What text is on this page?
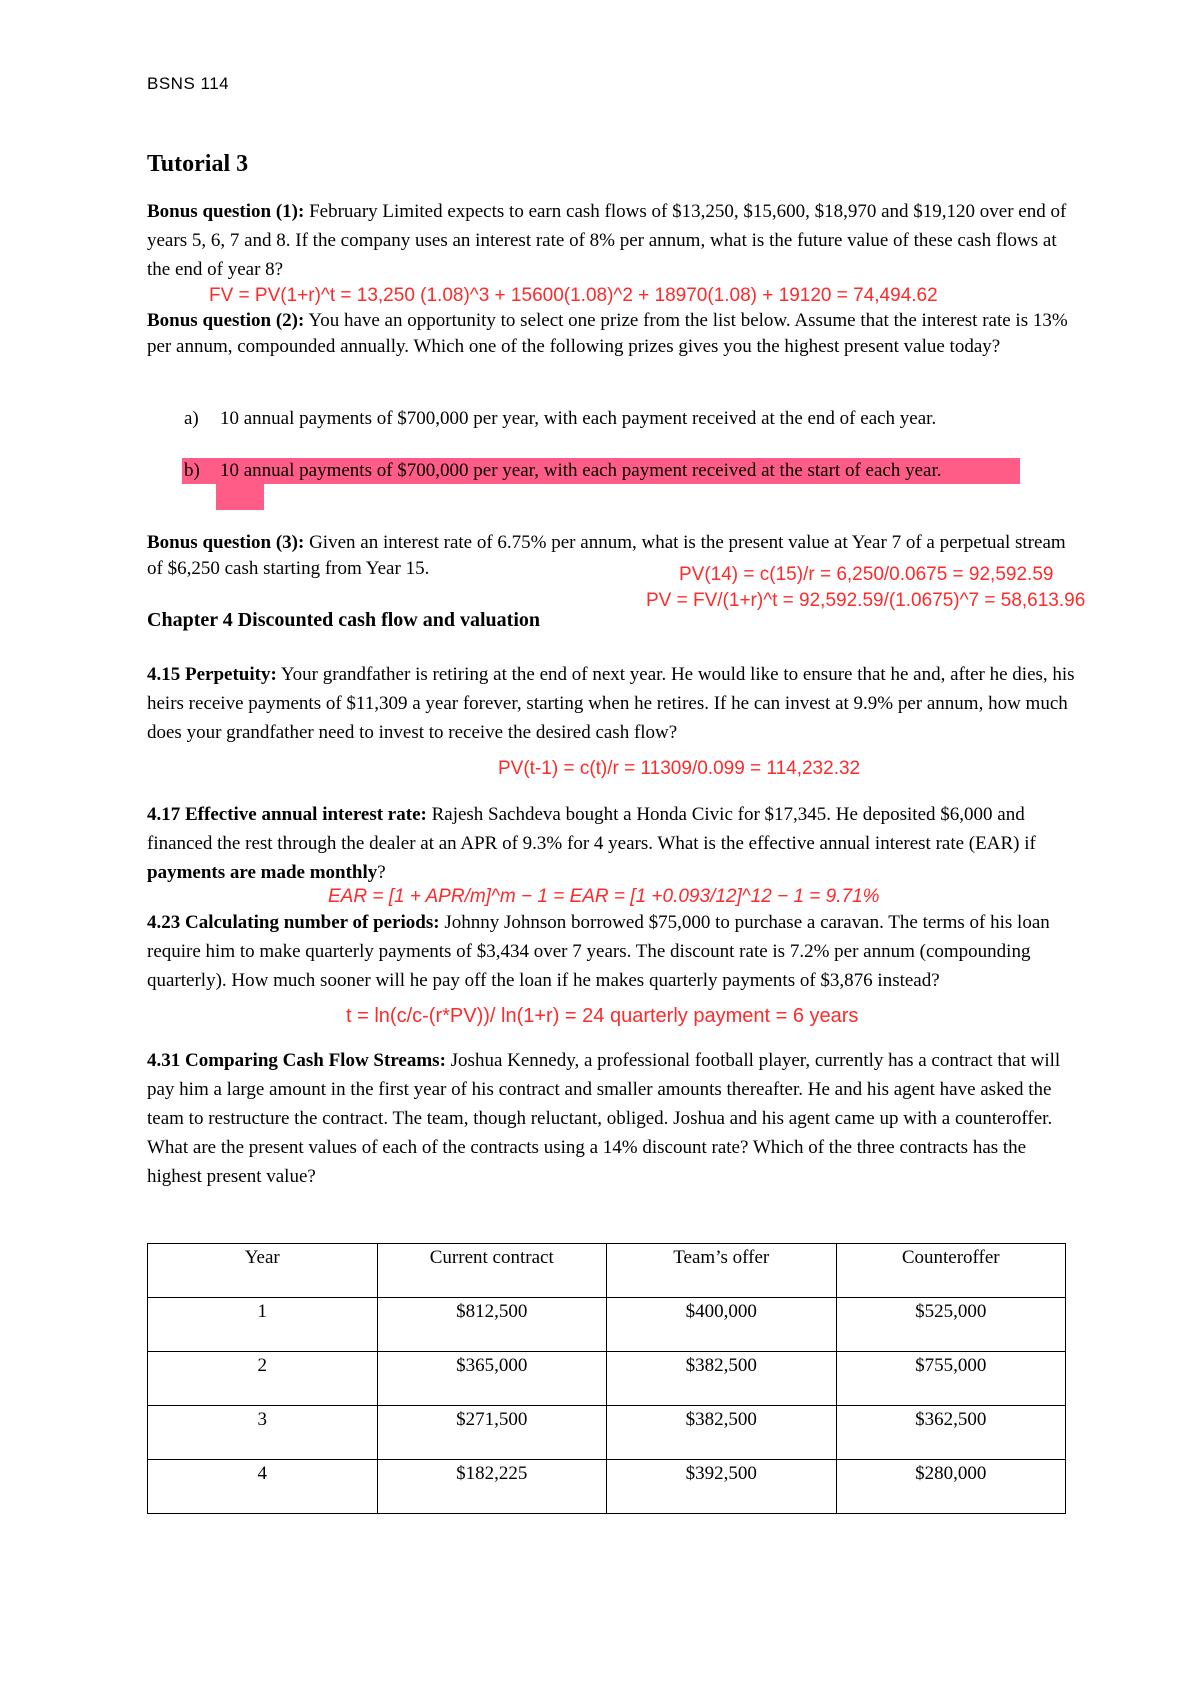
BSNS 114
Tutorial 3
Bonus question (1): February Limited expects to earn cash flows of $13,250, $15,600, $18,970 and $19,120 over end of years 5, 6, 7 and 8. If the company uses an interest rate of 8% per annum, what is the future value of these cash flows at the end of year 8?
FV = PV(1+r)^t = 13,250 (1.08)^3 + 15600(1.08)^2 + 18970(1.08) + 19120 = 74,494.62
Bonus question (2): You have an opportunity to select one prize from the list below. Assume that the interest rate is 13% per annum, compounded annually. Which one of the following prizes gives you the highest present value today?
a) 10 annual payments of $700,000 per year, with each payment received at the end of each year.
b) 10 annual payments of $700,000 per year, with each payment received at the start of each year.
Bonus question (3): Given an interest rate of 6.75% per annum, what is the present value at Year 7 of a perpetual stream of $6,250 cash starting from Year 15.	PV(14) = c(15)/r = 6,250/0.0675 = 92,592.59
PV = FV/(1+r)^t = 92,592.59/(1.0675)^7 = 58,613.96
Chapter 4 Discounted cash flow and valuation
4.15 Perpetuity: Your grandfather is retiring at the end of next year. He would like to ensure that he and, after he dies, his heirs receive payments of $11,309 a year forever, starting when he retires. If he can invest at 9.9% per annum, how much does your grandfather need to invest to receive the desired cash flow?
PV(t-1) = c(t)/r = 11309/0.099 = 114,232.32
4.17 Effective annual interest rate: Rajesh Sachdeva bought a Honda Civic for $17,345. He deposited $6,000 and financed the rest through the dealer at an APR of 9.3% for 4 years. What is the effective annual interest rate (EAR) if payments are made monthly?
EAR = [1 + APR/m]^m − 1 = EAR = [1 +0.093/12]^12 − 1 = 9.71%
4.23 Calculating number of periods: Johnny Johnson borrowed $75,000 to purchase a caravan. The terms of his loan require him to make quarterly payments of $3,434 over 7 years. The discount rate is 7.2% per annum (compounding quarterly). How much sooner will he pay off the loan if he makes quarterly payments of $3,876 instead?
t = ln(c/c-(r*PV))/ ln(1+r) = 24 quarterly payment = 6 years
4.31 Comparing Cash Flow Streams: Joshua Kennedy, a professional football player, currently has a contract that will pay him a large amount in the first year of his contract and smaller amounts thereafter. He and his agent have asked the team to restructure the contract. The team, though reluctant, obliged. Joshua and his agent came up with a counteroffer. What are the present values of each of the contracts using a 14% discount rate? Which of the three contracts has the highest present value?
Year	Current contract	Team’s offer	Counteroffer
1	$812,500	$400,000	$525,000
2	$365,000	$382,500	$755,000
3	$271,500	$382,500	$362,500
4	$182,225	$392,500	$280,000
